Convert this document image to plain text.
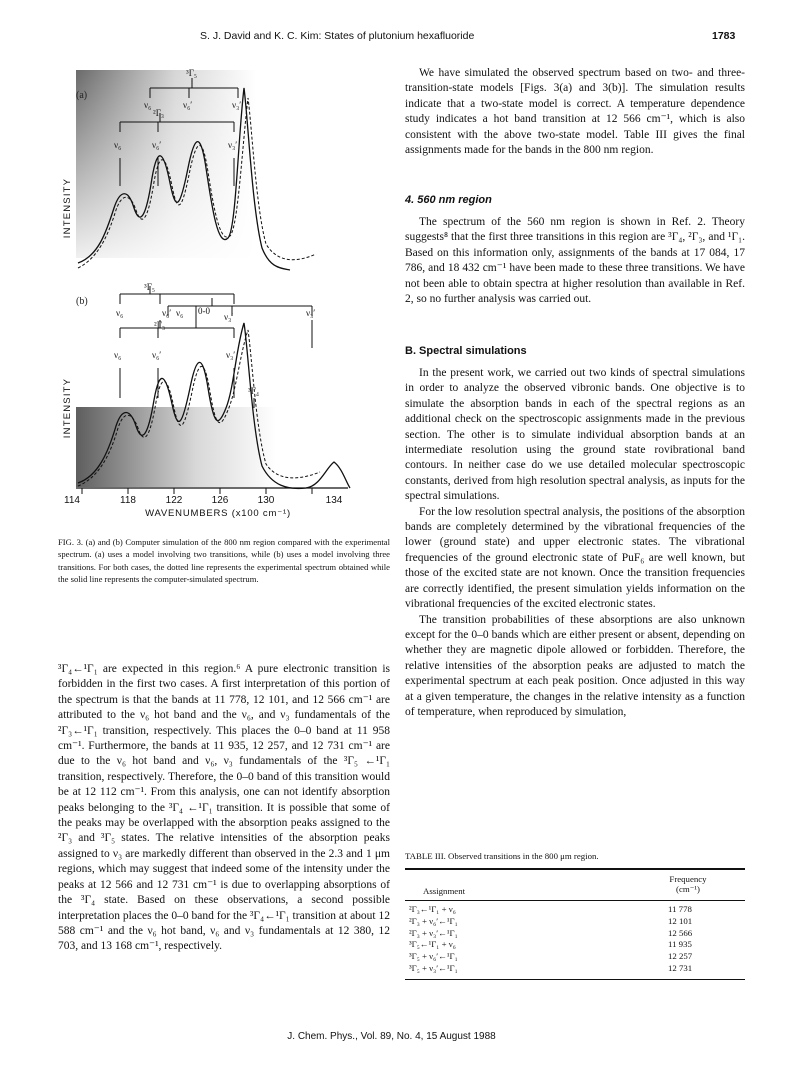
S. J. David and K. C. Kim: States of plutonium hexafluoride	1783
³Γ₅
ν₆
²Γ₃
ν₆′	ν₃′
ν₆	ν₆′	ν₃′
(a)
³Γ₅
ν₆	ν₆′	0-0
ν₃′
ν₆	ν₃′
²Γ₃
ν₆	ν₆′	ν₃′
³Γ₄
(b)
INTENSITY
INTENSITY
114	118	122	126	130	134
WAVENUMBERS (x100 cm⁻¹)
FIG. 3. (a) and (b) Computer simulation of the 800 nm region compared with the experimental spectrum. (a) uses a model involving two transitions, while (b) uses a model involving three transitions. For both cases, the dotted line represents the experimental spectrum obtained while the solid line represents the computer-simulated spectrum.

³Γ₄←¹Γ₁ are expected in this region.⁶ A pure electronic transition is forbidden in the first two cases. A first interpretation of this portion of the spectrum is that the bands at 11 778, 12 101, and 12 566 cm⁻¹ are attributed to the ν₆ hot band and the ν₆, and ν₃ fundamentals of the ²Γ₃←¹Γ₁ transition, respectively. This places the 0–0 band at 11 958 cm⁻¹. Furthermore, the bands at 11 935, 12 257, and 12 731 cm⁻¹ are due to the ν₆ hot band and ν₆, ν₃ fundamentals of the ³Γ₅ ←¹Γ₁ transition, respectively. Therefore, the 0–0 band of this transition would be at 12 112 cm⁻¹. From this analysis, one can not identify absorption peaks belonging to the ³Γ₄ ←¹Γ₁ transition. It is possible that some of the peaks may be overlapped with the absorption peaks assigned to the ²Γ₃ and ³Γ₅ states. The relative intensities of the absorption peaks assigned to ν₃ are markedly different than observed in the 2.3 and 1 μm regions, which may suggest that indeed some of the intensity under the peaks at 12 566 and 12 731 cm⁻¹ is due to overlapping absorptions of the ³Γ₄ state. Based on these observations, a second possible interpretation places the 0–0 band for the ³Γ₄←¹Γ₁ transition at about 12 588 cm⁻¹ and the ν₆ hot band, ν₆ and ν₃ fundamentals at 12 380, 12 703, and 13 168 cm⁻¹, respectively.

We have simulated the observed spectrum based on two- and three-transition-state models [Figs. 3(a) and 3(b)]. The simulation results indicate that a two-state model is correct. A temperature dependence study indicates a hot band transition at 12 566 cm⁻¹, which is also consistent with the above two-state model. Table III gives the final assignments made for the bands in the 800 nm region.

4. 560 nm region

The spectrum of the 560 nm region is shown in Ref. 2. Theory suggests⁸ that the first three transitions in this region are ³Γ₄, ²Γ₃, and ¹Γ₁. Based on this information only, assignments of the bands at 17 084, 17 786, and 18 432 cm⁻¹ have been made to these three transitions. We have not been able to obtain spectra at higher resolution than available in Ref. 2, so no further analysis was carried out.

B. Spectral simulations

In the present work, we carried out two kinds of spectral simulations in order to analyze the observed vibronic bands. One objective is to simulate the absorption bands in each of the spectral regions as an additional check on the spectroscopic assignments made in the previous section. The other is to simulate individual absorption bands at an intermediate resolution using the ground state rovibrational band contours. In neither case do we use detailed molecular spectroscopic constants, derived from high resolution spectral analysis, as inputs for the spectral simulations.

For the low resolution spectral analysis, the positions of the absorption bands are completely determined by the vibrational frequencies of the lower (ground state) and upper electronic states. The vibrational frequencies of the ground electronic state of PuF₆ are well known, but those of the excited state are not known. Once the transition frequencies are correctly identified, the present simulation yields information on the vibrational frequencies of the excited electronic states.

The transition probabilities of these absorptions are also unknown except for the 0–0 bands which are either present or absent, depending on whether they are magnetic dipole allowed or forbidden. Therefore, the relative intensities of the absorption peaks are adjusted to match the experimental spectrum at each peak position. Once adjusted in this way at a given temperature, the changes in the relative intensity as a function of temperature, when reproduced by simulation,

TABLE III. Observed transitions in the 800 μm region.
Assignment
Frequency
(cm⁻¹)
²Γ₃←¹Γ₁ + ν₆	11 778
²Γ₃ + ν₆′←¹Γ₁	12 101
²Γ₃ + ν₃′←¹Γ₁	12 566
³Γ₅←¹Γ₁ + ν₆	11 935
³Γ₅ + ν₆′←¹Γ₁	12 257
³Γ₅ + ν₃′←¹Γ₁	12 731
J. Chem. Phys., Vol. 89, No. 4, 15 August 1988
